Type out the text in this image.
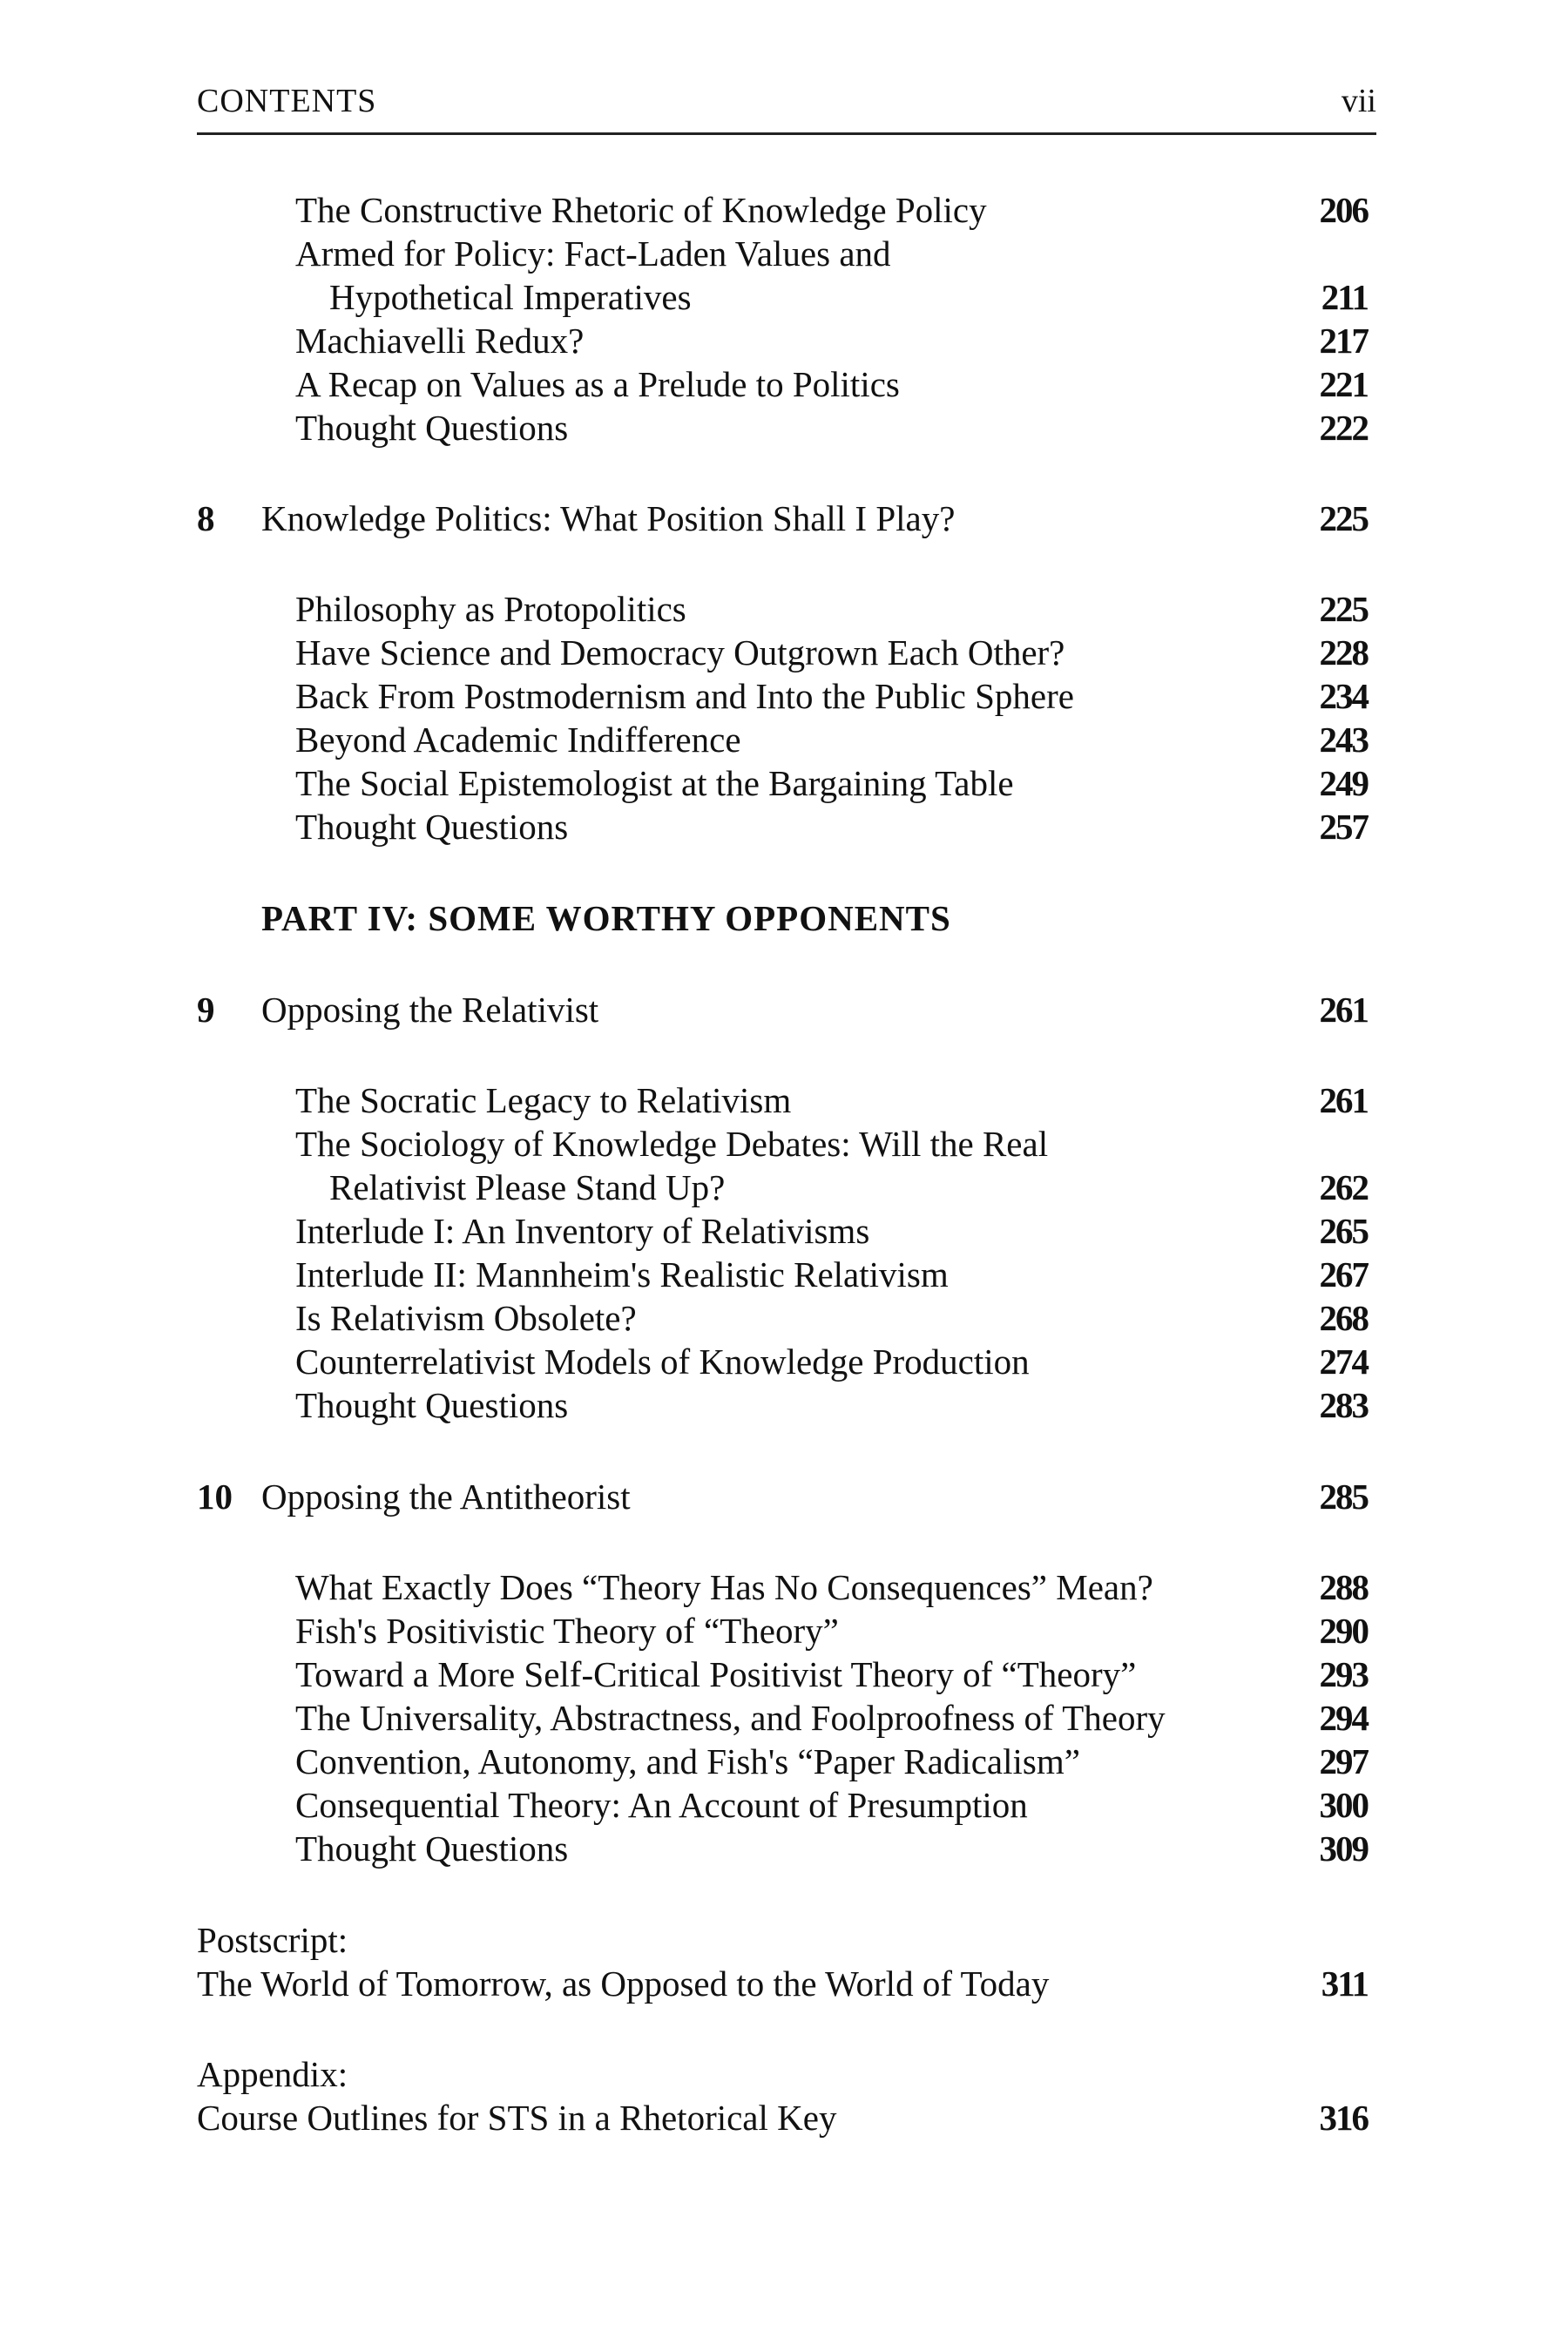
CONTENTS	vii
The Constructive Rhetoric of Knowledge Policy	206
Armed for Policy: Fact-Laden Values and
Hypothetical Imperatives	211
Machiavelli Redux?	217
A Recap on Values as a Prelude to Politics	221
Thought Questions	222
8 Knowledge Politics: What Position Shall I Play?	225
Philosophy as Protopolitics	225
Have Science and Democracy Outgrown Each Other?	228
Back From Postmodernism and Into the Public Sphere	234
Beyond Academic Indifference	243
The Social Epistemologist at the Bargaining Table	249
Thought Questions	257
PART IV: SOME WORTHY OPPONENTS
9 Opposing the Relativist	261
The Socratic Legacy to Relativism	261
The Sociology of Knowledge Debates: Will the Real
Relativist Please Stand Up?	262
Interlude I: An Inventory of Relativisms	265
Interlude II: Mannheim's Realistic Relativism	267
Is Relativism Obsolete?	268
Counterrelativist Models of Knowledge Production	274
Thought Questions	283
10 Opposing the Antitheorist	285
What Exactly Does “Theory Has No Consequences” Mean?	288
Fish's Positivistic Theory of “Theory”	290
Toward a More Self-Critical Positivist Theory of “Theory”	293
The Universality, Abstractness, and Foolproofness of Theory	294
Convention, Autonomy, and Fish's “Paper Radicalism”	297
Consequential Theory: An Account of Presumption	300
Thought Questions	309
Postscript:
The World of Tomorrow, as Opposed to the World of Today	311
Appendix:
Course Outlines for STS in a Rhetorical Key	316
